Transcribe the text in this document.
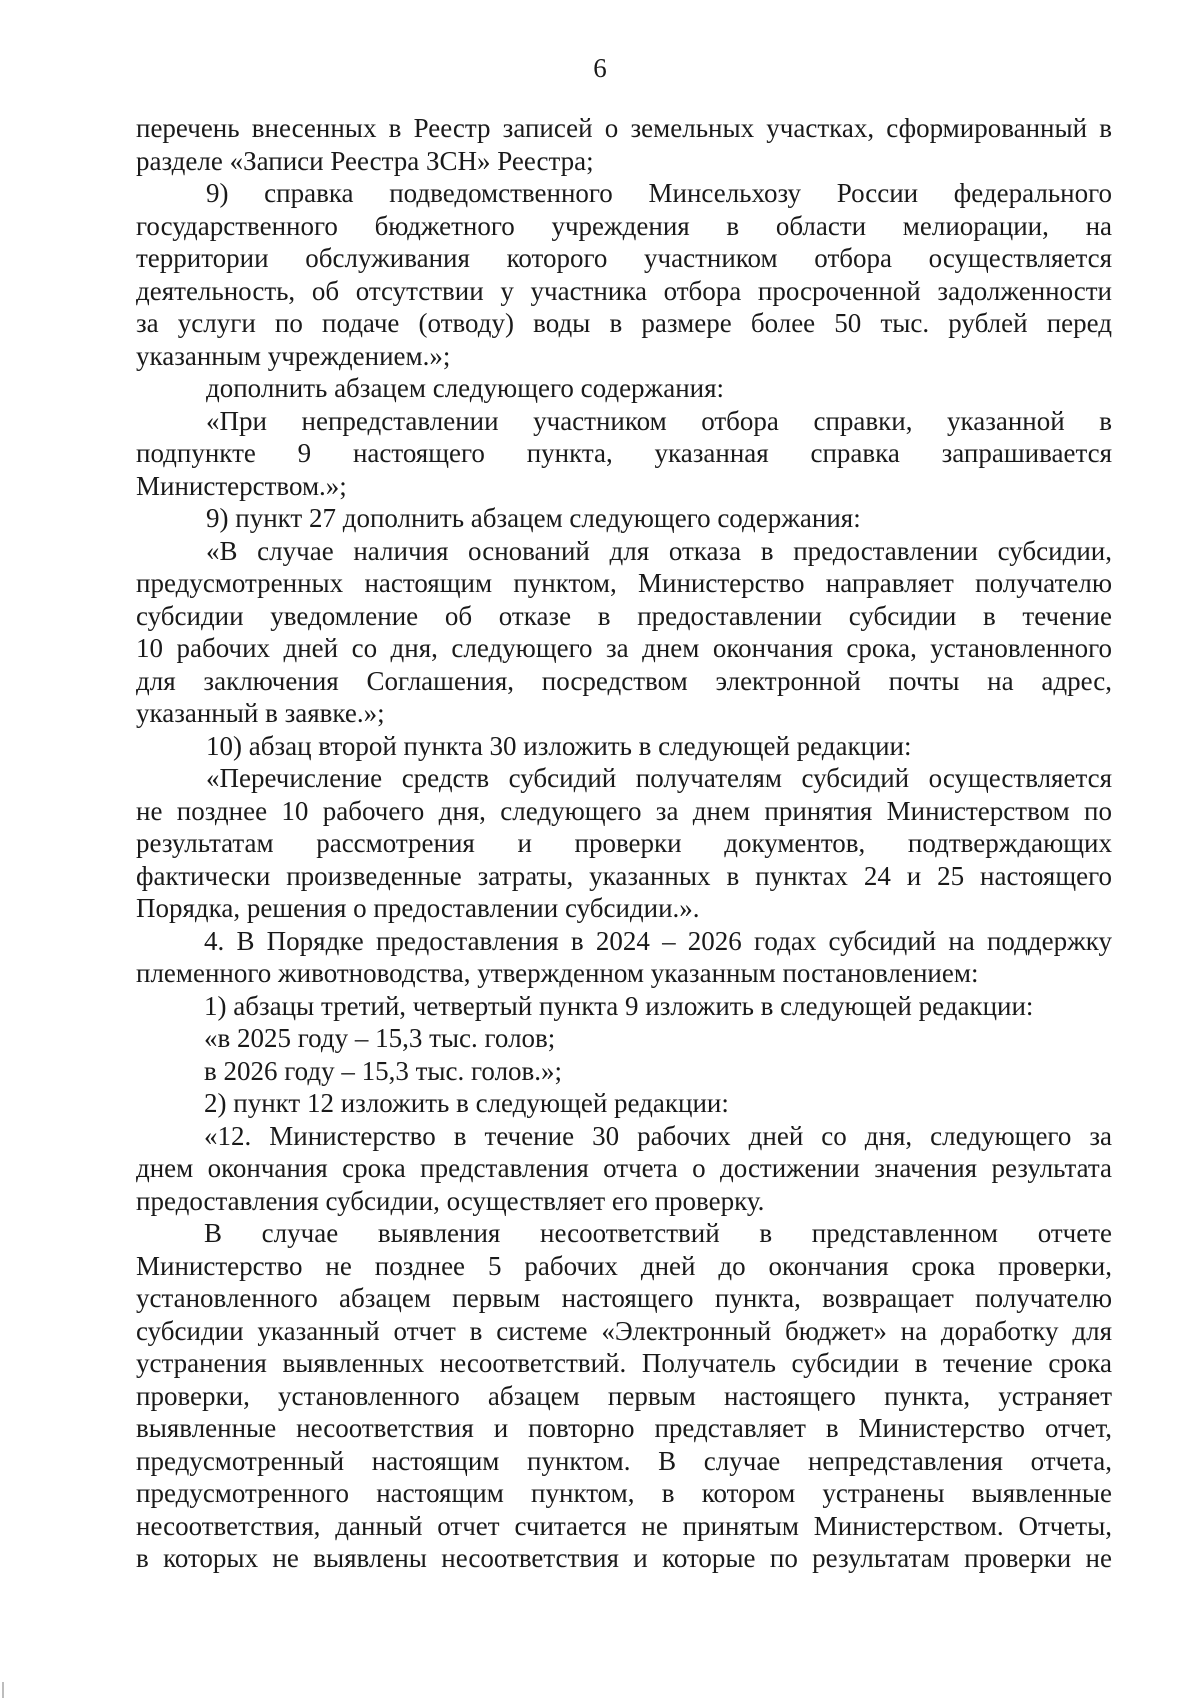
6
перечень внесенных в Реестр записей о земельных участках, сформированный в
разделе «Записи Реестра ЗСН» Реестра;
9) справка подведомственного Минсельхозу России федерального
государственного бюджетного учреждения в области мелиорации, на
территории обслуживания которого участником отбора осуществляется
деятельность, об отсутствии у участника отбора просроченной задолженности
за услуги по подаче (отводу) воды в размере более 50 тыс. рублей перед
указанным учреждением.»;
дополнить абзацем следующего содержания:
«При непредставлении участником отбора справки, указанной в
подпункте 9 настоящего пункта, указанная справка запрашивается
Министерством.»;
9) пункт 27 дополнить абзацем следующего содержания:
«В случае наличия оснований для отказа в предоставлении субсидии,
предусмотренных настоящим пунктом, Министерство направляет получателю
субсидии уведомление об отказе в предоставлении субсидии в течение
10 рабочих дней со дня, следующего за днем окончания срока, установленного
для заключения Соглашения, посредством электронной почты на адрес,
указанный в заявке.»;
10) абзац второй пункта 30 изложить в следующей редакции:
«Перечисление средств субсидий получателям субсидий осуществляется
не позднее 10 рабочего дня, следующего за днем принятия Министерством по
результатам рассмотрения и проверки документов, подтверждающих
фактически произведенные затраты, указанных в пунктах 24 и 25 настоящего
Порядка, решения о предоставлении субсидии.».
4. В Порядке предоставления в 2024 – 2026 годах субсидий на поддержку
племенного животноводства, утвержденном указанным постановлением:
1) абзацы третий, четвертый пункта 9 изложить в следующей редакции:
«в 2025 году – 15,3 тыс. голов;
в 2026 году – 15,3 тыс. голов.»;
2) пункт 12 изложить в следующей редакции:
«12. Министерство в течение 30 рабочих дней со дня, следующего за
днем окончания срока представления отчета о достижении значения результата
предоставления субсидии, осуществляет его проверку.
В случае выявления несоответствий в представленном отчете
Министерство не позднее 5 рабочих дней до окончания срока проверки,
установленного абзацем первым настоящего пункта, возвращает получателю
субсидии указанный отчет в системе «Электронный бюджет» на доработку для
устранения выявленных несоответствий. Получатель субсидии в течение срока
проверки, установленного абзацем первым настоящего пункта, устраняет
выявленные несоответствия и повторно представляет в Министерство отчет,
предусмотренный настоящим пунктом. В случае непредставления отчета,
предусмотренного настоящим пунктом, в котором устранены выявленные
несоответствия, данный отчет считается не принятым Министерством. Отчеты,
в которых не выявлены несоответствия и которые по результатам проверки не
